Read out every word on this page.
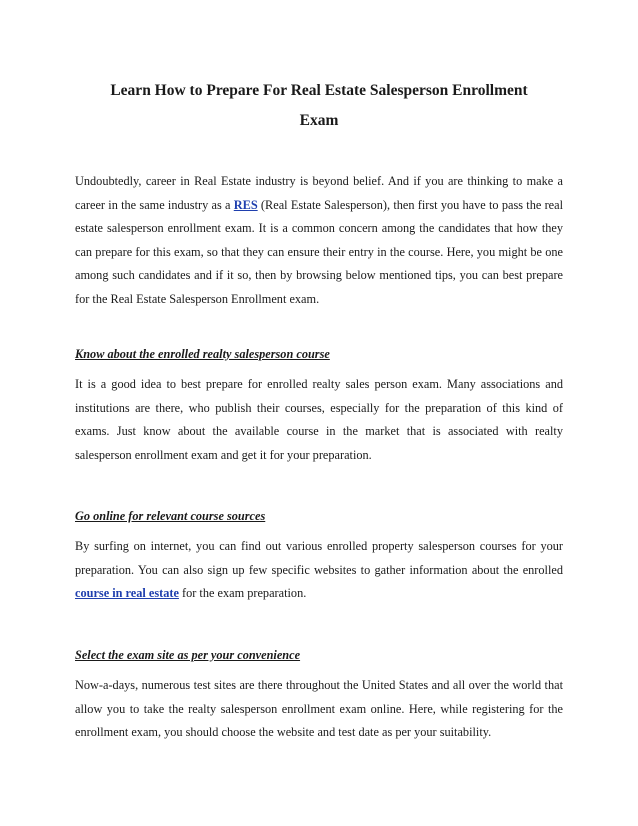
Learn How to Prepare For Real Estate Salesperson Enrollment
Exam

Undoubtedly, career in Real Estate industry is beyond belief. And if you are thinking to make a career in the same industry as a RES (Real Estate Salesperson), then first you have to pass the real estate salesperson enrollment exam. It is a common concern among the candidates that how they can prepare for this exam, so that they can ensure their entry in the course. Here, you might be one among such candidates and if it so, then by browsing below mentioned tips, you can best prepare for the Real Estate Salesperson Enrollment exam.

Know about the enrolled realty salesperson course

It is a good idea to best prepare for enrolled realty sales person exam. Many associations and institutions are there, who publish their courses, especially for the preparation of this kind of exams. Just know about the available course in the market that is associated with realty salesperson enrollment exam and get it for your preparation.

Go online for relevant course sources

By surfing on internet, you can find out various enrolled property salesperson courses for your preparation. You can also sign up few specific websites to gather information about the enrolled course in real estate for the exam preparation.

Select the exam site as per your convenience

Now-a-days, numerous test sites are there throughout the United States and all over the world that allow you to take the realty salesperson enrollment exam online. Here, while registering for the enrollment exam, you should choose the website and test date as per your suitability.
